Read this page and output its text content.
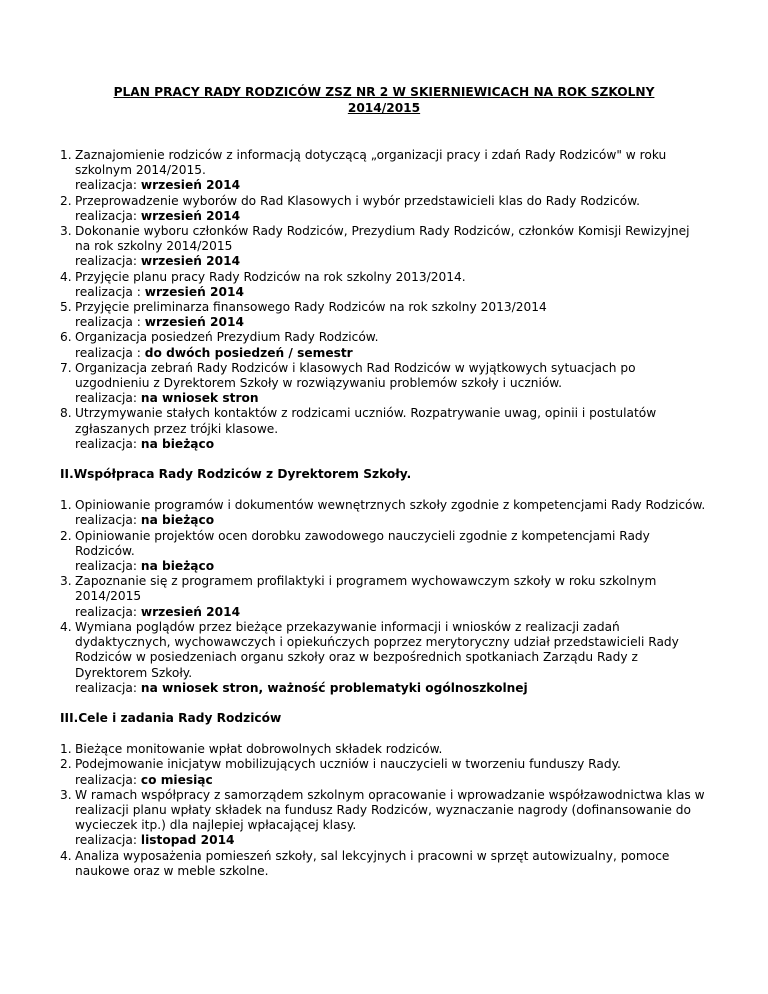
PLAN PRACY RADY RODZICÓW ZSZ NR 2 W SKIERNIEWICACH NA ROK SZKOLNY
2014/2015
1. Zaznajomienie rodziców z informacją dotyczącą „organizacji pracy i zdań Rady Rodziców" w roku szkolnym 2014/2015.
realizacja: wrzesień 2014
2. Przeprowadzenie wyborów do Rad Klasowych i wybór przedstawicieli klas do Rady Rodziców.
realizacja: wrzesień 2014
3. Dokonanie wyboru członków Rady Rodziców, Prezydium Rady Rodziców, członków Komisji Rewizyjnej na rok szkolny 2014/2015
realizacja: wrzesień 2014
4. Przyjęcie planu pracy Rady Rodziców na rok szkolny 2013/2014.
realizacja : wrzesień 2014
5. Przyjęcie preliminarza finansowego Rady Rodziców na rok szkolny 2013/2014
realizacja : wrzesień 2014
6. Organizacja posiedzeń Prezydium Rady Rodziców.
realizacja : do dwóch posiedzeń / semestr
7. Organizacja zebrań Rady Rodziców i klasowych Rad Rodziców w wyjątkowych sytuacjach po uzgodnieniu z Dyrektorem Szkoły w rozwiązywaniu problemów szkoły i uczniów.
realizacja: na wniosek stron
8. Utrzymywanie stałych kontaktów z rodzicami uczniów. Rozpatrywanie uwag, opinii i postulatów zgłaszanych przez trójki klasowe.
realizacja: na bieżąco
II.Współpraca Rady Rodziców z Dyrektorem Szkoły.
1. Opiniowanie programów i dokumentów wewnętrznych szkoły zgodnie z kompetencjami Rady Rodziców.
realizacja: na bieżąco
2. Opiniowanie projektów ocen dorobku zawodowego nauczycieli zgodnie z kompetencjami Rady Rodziców.
realizacja: na bieżąco
3. Zapoznanie się z programem profilaktyki i programem wychowawczym szkoły w roku szkolnym 2014/2015
realizacja: wrzesień 2014
4. Wymiana poglądów przez bieżące przekazywanie informacji i wniosków z realizacji zadań dydaktycznych, wychowawczych i opiekuńczych poprzez merytoryczny udział przedstawicieli Rady Rodziców w posiedzeniach organu szkoły oraz w bezpośrednich spotkaniach Zarządu Rady z Dyrektorem Szkoły.
realizacja: na wniosek stron, ważność problematyki ogólnoszkolnej
III.Cele i zadania Rady Rodziców
1. Bieżące monitowanie wpłat dobrowolnych składek rodziców.
2. Podejmowanie inicjatyw mobilizujących uczniów i nauczycieli w tworzeniu funduszy Rady.
realizacja: co miesiąc
3. W ramach współpracy z samorządem szkolnym opracowanie i wprowadzanie współzawodnictwa klas w realizacji planu wpłaty składek na fundusz Rady Rodziców, wyznaczanie nagrody (dofinansowanie do wycieczek itp.) dla najlepiej wpłacającej klasy.
realizacja: listopad 2014
4. Analiza wyposażenia pomieszeń szkoły, sal lekcyjnych i pracowni w sprzęt autowizualny, pomoce naukowe oraz w meble szkolne.
